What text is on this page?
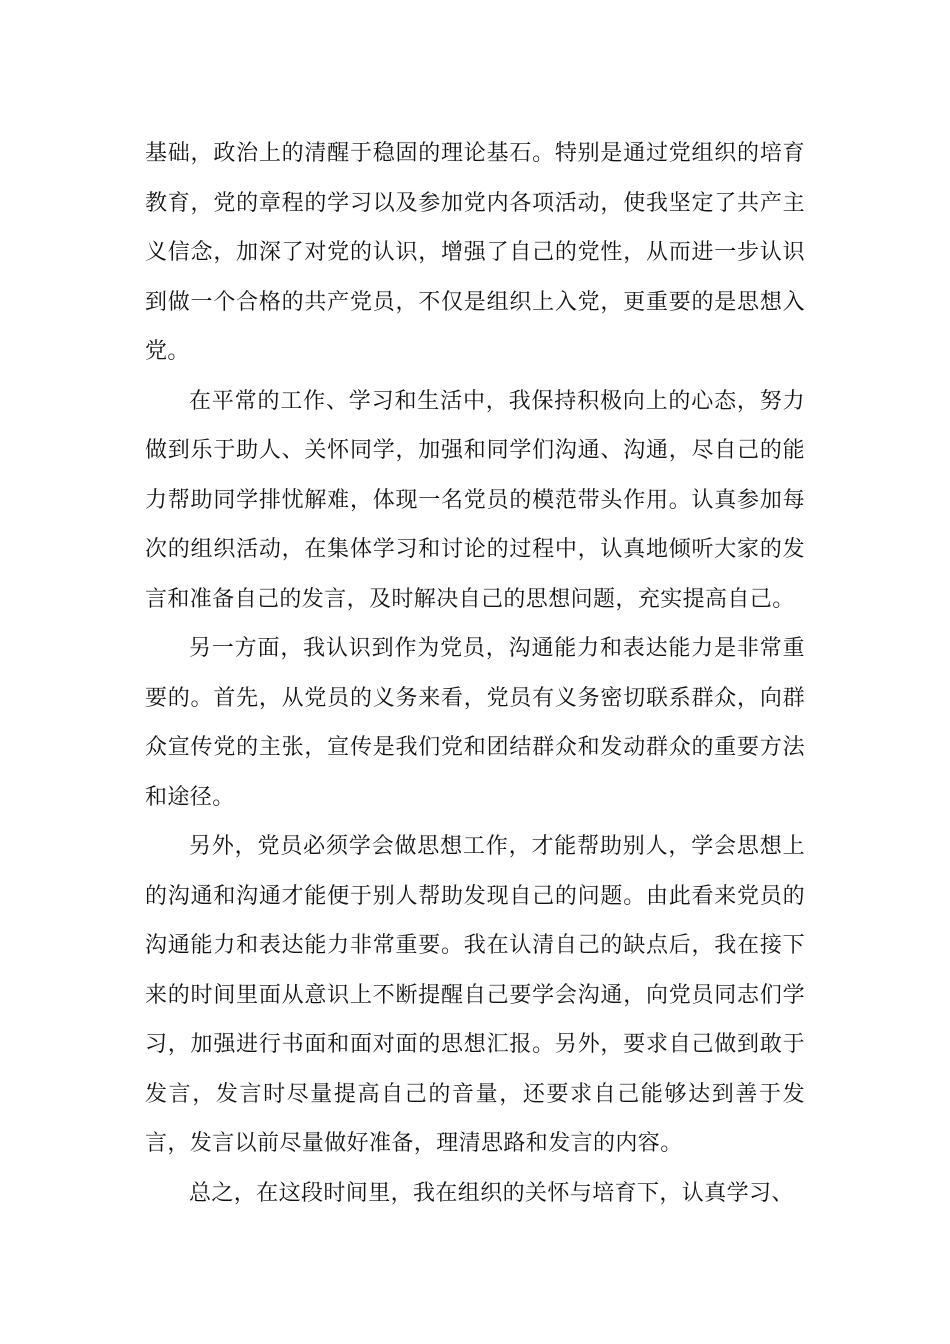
基础，政治上的清醒于稳固的理论基石。特别是通过党组织的培育教育，党的章程的学习以及参加党内各项活动，使我坚定了共产主义信念，加深了对党的认识，增强了自己的党性，从而进一步认识到做一个合格的共产党员，不仅是组织上入党，更重要的是思想入党。

在平常的工作、学习和生活中，我保持积极向上的心态，努力做到乐于助人、关怀同学，加强和同学们沟通、沟通，尽自己的能力帮助同学排忧解难，体现一名党员的模范带头作用。认真参加每次的组织活动，在集体学习和讨论的过程中，认真地倾听大家的发言和准备自己的发言，及时解决自己的思想问题，充实提高自己。

另一方面，我认识到作为党员，沟通能力和表达能力是非常重要的。首先，从党员的义务来看，党员有义务密切联系群众，向群众宣传党的主张，宣传是我们党和团结群众和发动群众的重要方法和途径。

另外，党员必须学会做思想工作，才能帮助别人，学会思想上的沟通和沟通才能便于别人帮助发现自己的问题。由此看来党员的沟通能力和表达能力非常重要。我在认清自己的缺点后，我在接下来的时间里面从意识上不断提醒自己要学会沟通，向党员同志们学习，加强进行书面和面对面的思想汇报。另外，要求自己做到敢于发言，发言时尽量提高自己的音量，还要求自己能够达到善于发言，发言以前尽量做好准备，理清思路和发言的内容。

总之，在这段时间里，我在组织的关怀与培育下，认真学习、
